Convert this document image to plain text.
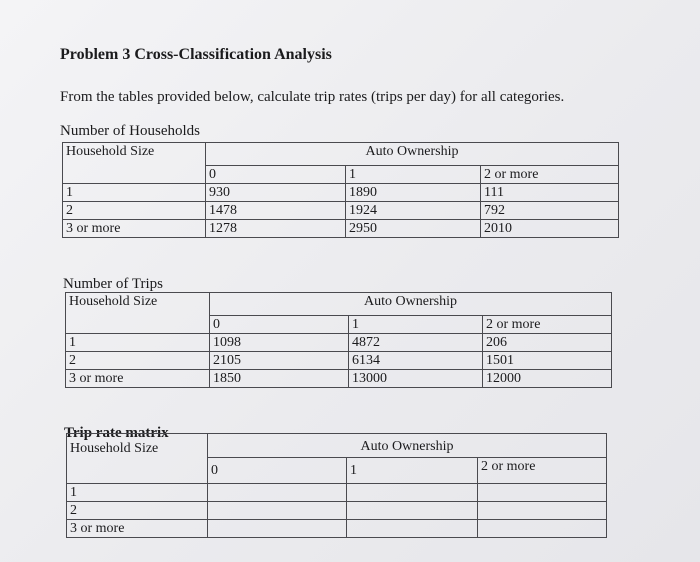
Problem 3 Cross-Classification Analysis
From the tables provided below, calculate trip rates (trips per day) for all categories.
Number of Households
Household Size	Auto Ownership		

	0	1	2 or more
1	930	1890	111
2	1478	1924	792
3 or more	1278	2950	2010
Number of Trips
Household Size	Auto Ownership		

	0	1	2 or more
1	1098	4872	206
2	2105	6134	1501
3 or more	1850	13000	12000
Trip rate matrix
Household Size	Auto Ownership		

	0	1	2 or more
1			
2			
3 or more			
